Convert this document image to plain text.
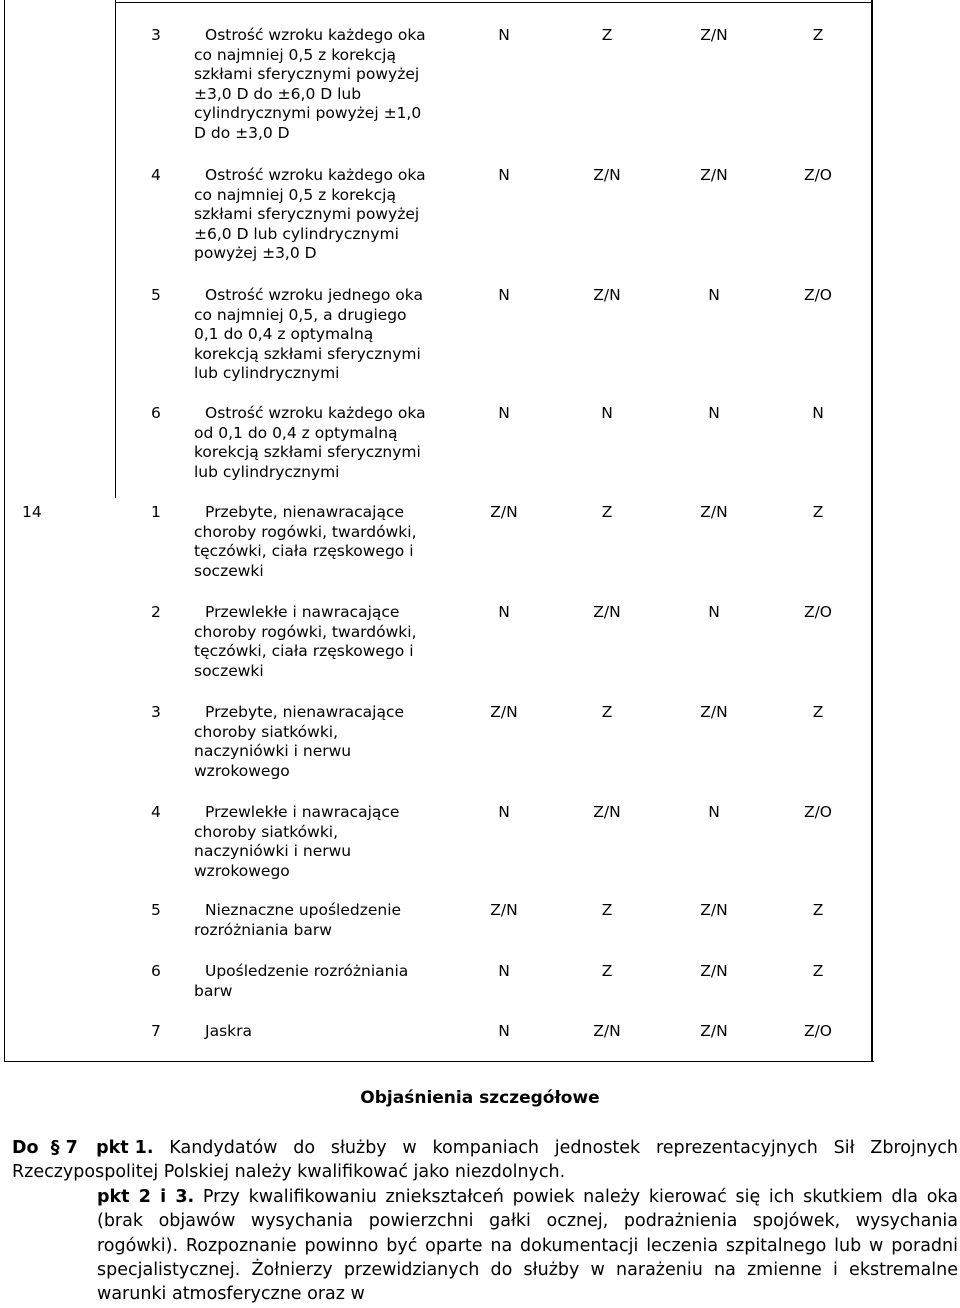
3	Ostrość wzroku każdego oka
co najmniej 0,5 z korekcją
szkłami sferycznymi powyżej
±3,0 D do ±6,0 D lub
cylindrycznymi powyżej ±1,0
D do ±3,0 D
N	Z	Z/N	Z
4	Ostrość wzroku każdego oka
co najmniej 0,5 z korekcją
szkłami sferycznymi powyżej
±6,0 D lub cylindrycznymi
powyżej ±3,0 D
N	Z/N	Z/N	Z/O
5	Ostrość wzroku jednego oka
co najmniej 0,5, a drugiego
0,1 do 0,4 z optymalną
korekcją szkłami sferycznymi
lub cylindrycznymi
N	Z/N	N	Z/O
6	Ostrość wzroku każdego oka
od 0,1 do 0,4 z optymalną
korekcją szkłami sferycznymi
lub cylindrycznymi
N	N	N	N
14	1	Przebyte, nienawracające
choroby rogówki, twardówki,
tęczówki, ciała rzęskowego i
soczewki
Z/N	Z	Z/N	Z
2	Przewlekłe i nawracające
choroby rogówki, twardówki,
tęczówki, ciała rzęskowego i
soczewki
N	Z/N	N	Z/O
3	Przebyte, nienawracające
choroby siatkówki,
naczyniówki i nerwu
wzrokowego
Z/N	Z	Z/N	Z
4	Przewlekłe i nawracające
choroby siatkówki,
naczyniówki i nerwu
wzrokowego
N	Z/N	N	Z/O
5	Nieznaczne upośledzenie
rozróżniania barw
Z/N	Z	Z/N	Z
6	Upośledzenie rozróżniania
barw
N	Z	Z/N	Z
7	Jaskra	N	Z/N	Z/N	Z/O
Objaśnienia szczegółowe

Do § 7 pkt 1. Kandydatów do służby w kompaniach jednostek reprezentacyjnych Sił Zbrojnych Rzeczypospolitej Polskiej należy kwalifikować jako niezdolnych.

pkt 2 i 3. Przy kwalifikowaniu zniekształceń powiek należy kierować się ich skutkiem dla oka (brak objawów wysychania powierzchni gałki ocznej, podrażnienia spojówek, wysychania rogówki). Rozpoznanie powinno być oparte na dokumentacji leczenia szpitalnego lub w poradni specjalistycznej. Żołnierzy przewidzianych do służby w narażeniu na zmienne i ekstremalne warunki atmosferyczne oraz w
